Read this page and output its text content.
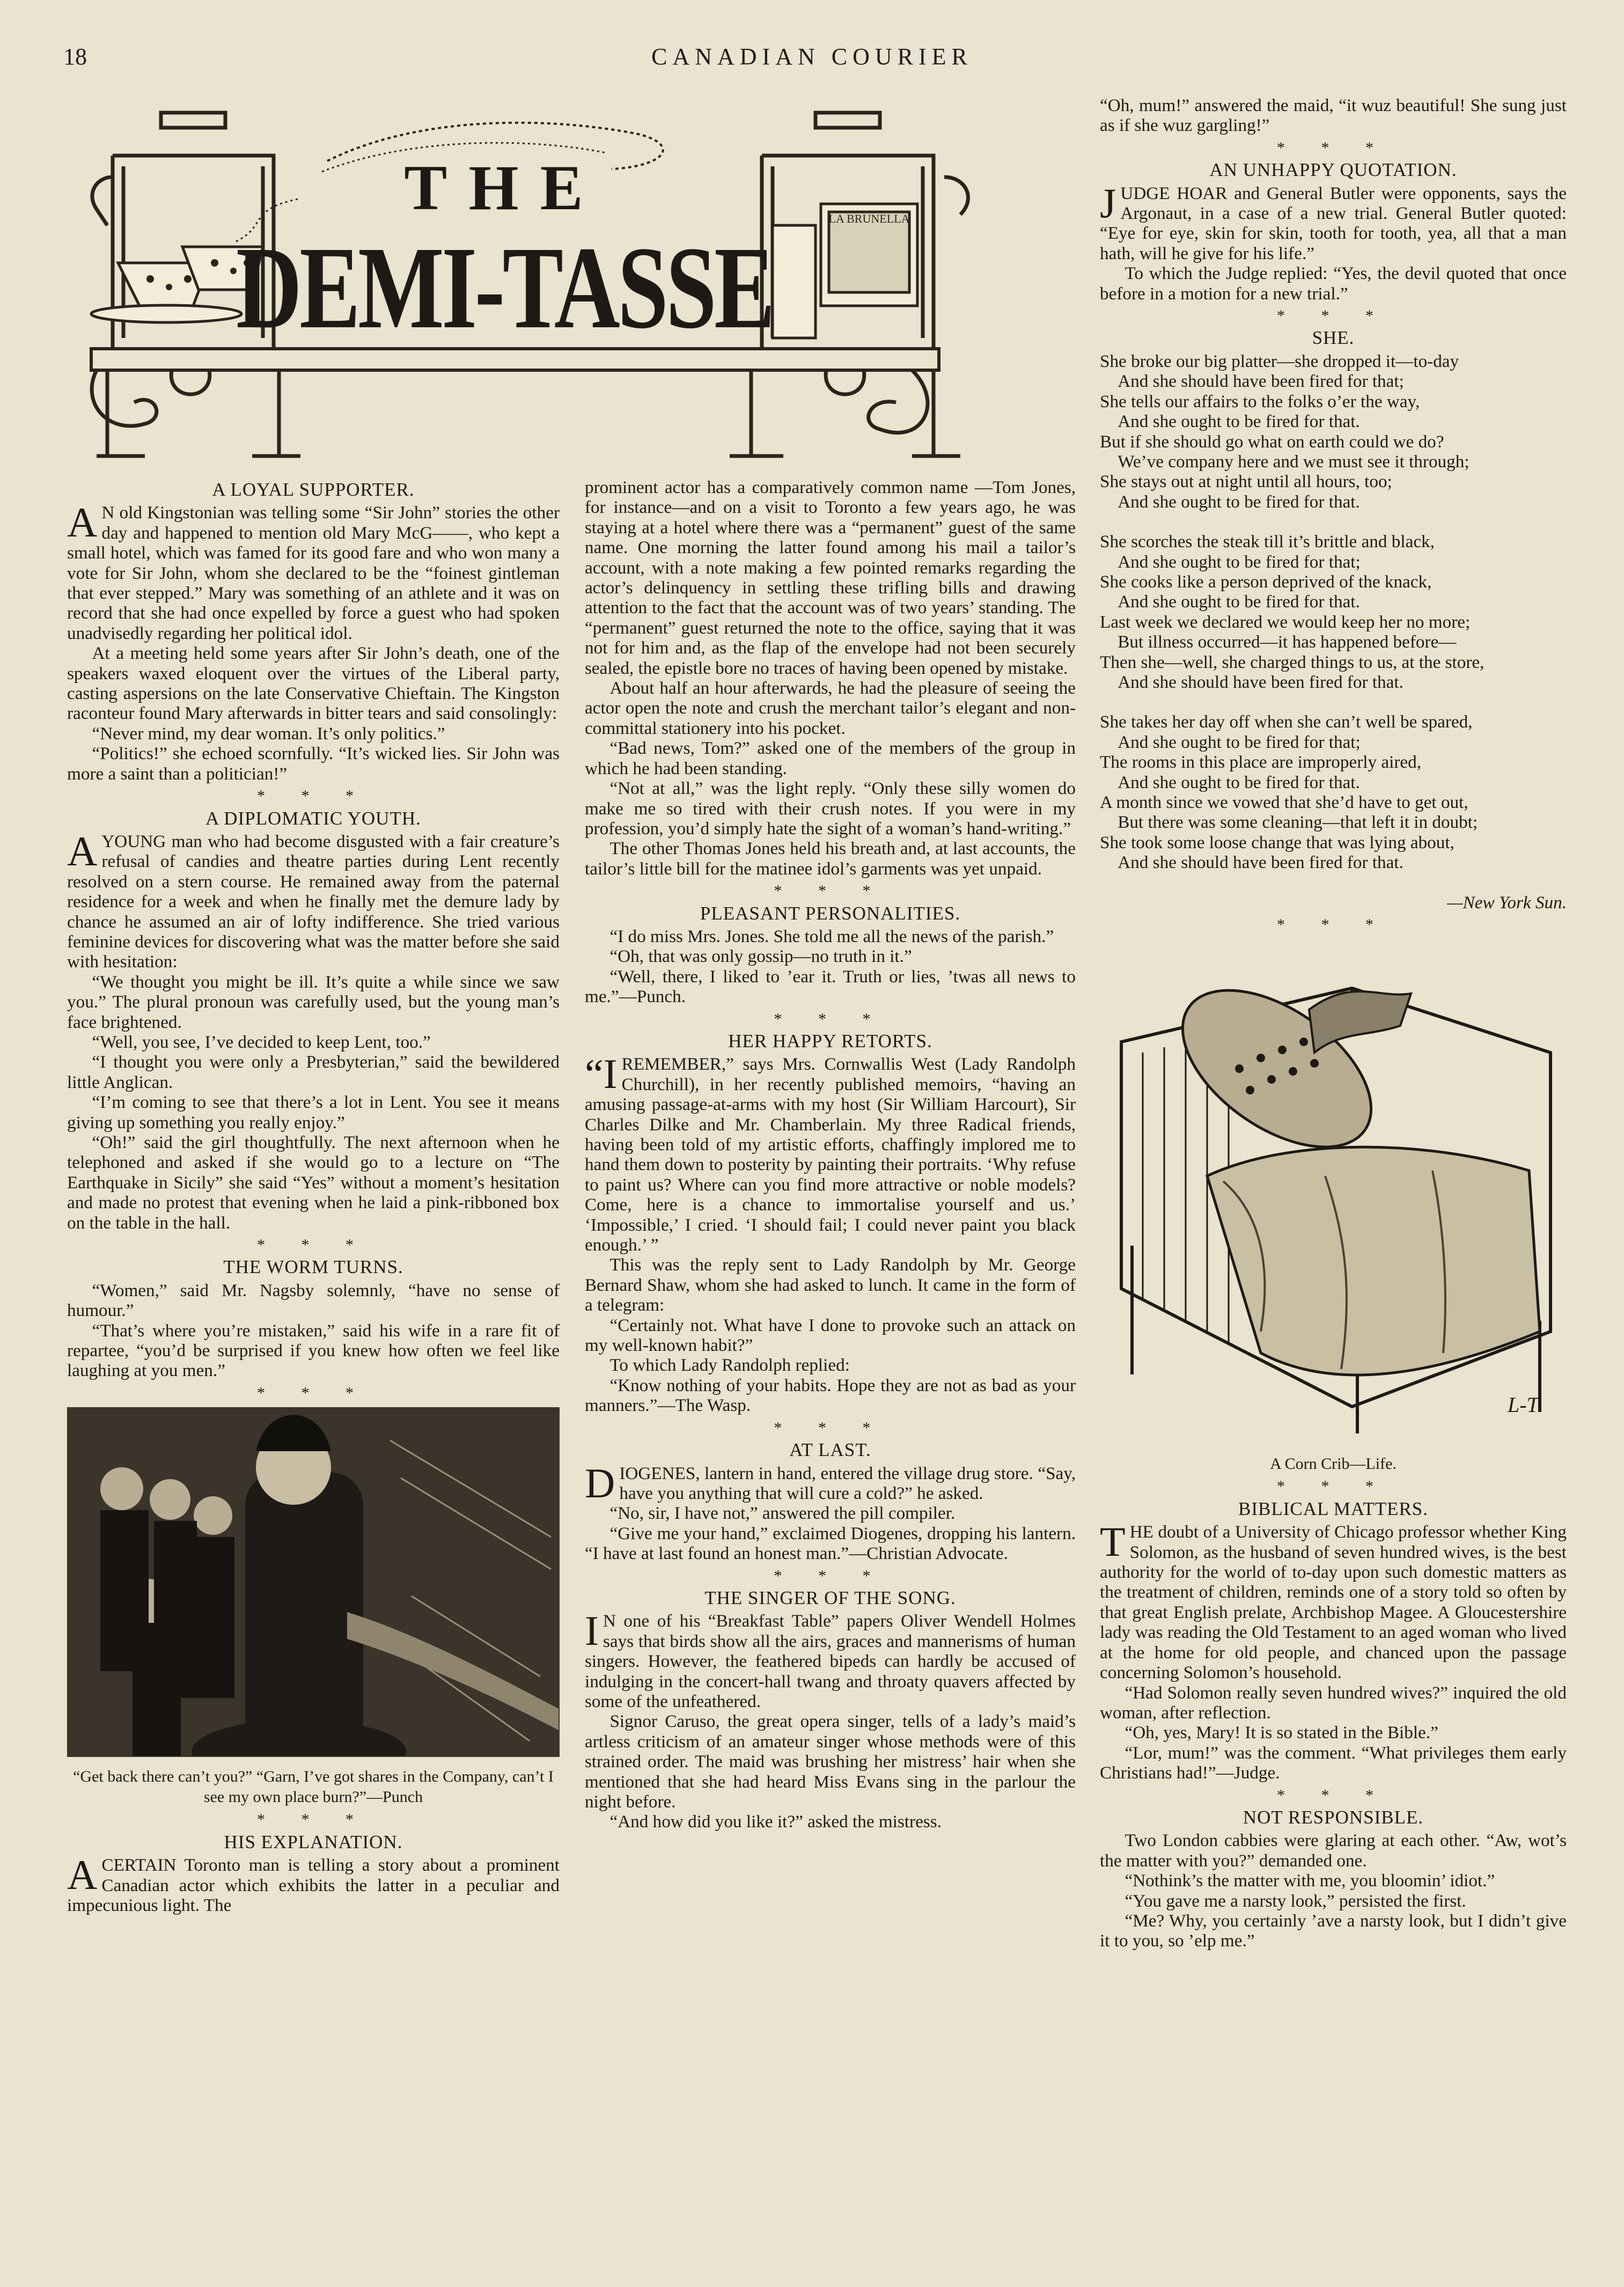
18	CANADIAN COURIER
LA BRUNELLA
THE
DEMI-TASSE
A LOYAL SUPPORTER.

A N old Kingstonian was telling some “Sir John” stories the other day and happened to mention old Mary McG——, who kept a small hotel, which was famed for its good fare and who won many a vote for Sir John, whom she declared to be the “foinest gintleman that ever stepped.” Mary was something of an athlete and it was on record that she had once expelled by force a guest who had spoken unadvisedly regarding her political idol.

At a meeting held some years after Sir John’s death, one of the speakers waxed eloquent over the virtues of the Liberal party, casting aspersions on the late Conservative Chieftain. The Kingston raconteur found Mary afterwards in bitter tears and said consolingly:

“Never mind, my dear woman. It’s only politics.”

“Politics!” she echoed scornfully. “It’s wicked lies. Sir John was more a saint than a politician!”

* * *
A DIPLOMATIC YOUTH.

AYOUNG man who had become disgusted with a fair creature’s refusal of candies and theatre parties during Lent recently resolved on a stern course. He remained away from the paternal residence for a week and when he finally met the demure lady by chance he assumed an air of lofty indifference. She tried various feminine devices for discovering what was the matter before she said with hesitation:

“We thought you might be ill. It’s quite a while since we saw you.” The plural pronoun was carefully used, but the young man’s face brightened.

“Well, you see, I’ve decided to keep Lent, too.”

“I thought you were only a Presbyterian,” said the bewildered little Anglican.

“I’m coming to see that there’s a lot in Lent. You see it means giving up something you really enjoy.”

“Oh!” said the girl thoughtfully. The next afternoon when he telephoned and asked if she would go to a lecture on “The Earthquake in Sicily” she said “Yes” without a moment’s hesitation and made no protest that evening when he laid a pink-ribboned box on the table in the hall.

* * *
THE WORM TURNS.

“Women,” said Mr. Nagsby solemnly, “have no sense of humour.”

“That’s where you’re mistaken,” said his wife in a rare fit of repartee, “you’d be surprised if you knew how often we feel like laughing at you men.”

* * *
“Get back there can’t you?” “Garn, I’ve got shares in the Company, can’t I see my own place burn?”—Punch
* * *
HIS EXPLANATION.

ACERTAIN Toronto man is telling a story about a prominent Canadian actor which exhibits the latter in a peculiar and impecunious light. The

prominent actor has a comparatively common name —Tom Jones, for instance—and on a visit to Toronto a few years ago, he was staying at a hotel where there was a “permanent” guest of the same name. One morning the latter found among his mail a tailor’s account, with a note making a few pointed remarks regarding the actor’s delinquency in settling these trifling bills and drawing attention to the fact that the account was of two years’ standing. The “permanent” guest returned the note to the office, saying that it was not for him and, as the flap of the envelope had not been securely sealed, the epistle bore no traces of having been opened by mistake.

About half an hour afterwards, he had the pleasure of seeing the actor open the note and crush the merchant tailor’s elegant and non-committal stationery into his pocket.

“Bad news, Tom?” asked one of the members of the group in which he had been standing.

“Not at all,” was the light reply. “Only these silly women do make me so tired with their crush notes. If you were in my profession, you’d simply hate the sight of a woman’s hand-writing.”

The other Thomas Jones held his breath and, at last accounts, the tailor’s little bill for the matinee idol’s garments was yet unpaid.

* * *
PLEASANT PERSONALITIES.

“I do miss Mrs. Jones. She told me all the news of the parish.”

“Oh, that was only gossip—no truth in it.”

“Well, there, I liked to ’ear it. Truth or lies, ’twas all news to me.”—Punch.

* * *
HER HAPPY RETORTS.

“IREMEMBER,” says Mrs. Cornwallis West (Lady Randolph Churchill), in her recently published memoirs, “having an amusing passage-at-arms with my host (Sir William Harcourt), Sir Charles Dilke and Mr. Chamberlain. My three Radical friends, having been told of my artistic efforts, chaffingly implored me to hand them down to posterity by painting their portraits. ‘Why refuse to paint us? Where can you find more attractive or noble models? Come, here is a chance to immortalise yourself and us.’ ‘Impossible,’ I cried. ‘I should fail; I could never paint you black enough.’ ”

This was the reply sent to Lady Randolph by Mr. George Bernard Shaw, whom she had asked to lunch. It came in the form of a telegram:

“Certainly not. What have I done to provoke such an attack on my well-known habit?”

To which Lady Randolph replied:

“Know nothing of your habits. Hope they are not as bad as your manners.”—The Wasp.

* * *
AT LAST.

DIOGENES, lantern in hand, entered the village drug store. “Say, have you anything that will cure a cold?” he asked.

“No, sir, I have not,” answered the pill compiler.

“Give me your hand,” exclaimed Diogenes, dropping his lantern. “I have at last found an honest man.”—Christian Advocate.

* * *
THE SINGER OF THE SONG.

I N one of his “Breakfast Table” papers Oliver Wendell Holmes says that birds show all the airs, graces and mannerisms of human singers. However, the feathered bipeds can hardly be accused of indulging in the concert-hall twang and throaty quavers affected by some of the unfeathered.

Signor Caruso, the great opera singer, tells of a lady’s maid’s artless criticism of an amateur singer whose methods were of this strained order. The maid was brushing her mistress’ hair when she mentioned that she had heard Miss Evans sing in the parlour the night before.

“And how did you like it?” asked the mistress.

“Oh, mum!” answered the maid, “it wuz beautiful! She sung just as if she wuz gargling!”

* * *
AN UNHAPPY QUOTATION.

JUDGE HOAR and General Butler were opponents, says the Argonaut, in a case of a new trial. General Butler quoted: “Eye for eye, skin for skin, tooth for tooth, yea, all that a man hath, will he give for his life.”

To which the Judge replied: “Yes, the devil quoted that once before in a motion for a new trial.”

* * *
SHE.

She broke our big platter—she dropped it—to-day

And she should have been fired for that;

She tells our affairs to the folks o’er the way,

And she ought to be fired for that.

But if she should go what on earth could we do?

We’ve company here and we must see it through;

She stays out at night until all hours, too;

And she ought to be fired for that.

She scorches the steak till it’s brittle and black,

And she ought to be fired for that;

She cooks like a person deprived of the knack,

And she ought to be fired for that.

Last week we declared we would keep her no more;

But illness occurred—it has happened before—

Then she—well, she charged things to us, at the store,

And she should have been fired for that.

She takes her day off when she can’t well be spared,

And she ought to be fired for that;

The rooms in this place are improperly aired,

And she ought to be fired for that.

A month since we vowed that she’d have to get out,

But there was some cleaning—that left it in doubt;

She took some loose change that was lying about,

And she should have been fired for that.

—New York Sun.
* * *
L-T
A Corn Crib—Life.
* * *
BIBLICAL MATTERS.

THE doubt of a University of Chicago professor whether King Solomon, as the husband of seven hundred wives, is the best authority for the world of to-day upon such domestic matters as the treatment of children, reminds one of a story told so often by that great English prelate, Archbishop Magee. A Gloucestershire lady was reading the Old Testament to an aged woman who lived at the home for old people, and chanced upon the passage concerning Solomon’s household.

“Had Solomon really seven hundred wives?” inquired the old woman, after reflection.

“Oh, yes, Mary! It is so stated in the Bible.”

“Lor, mum!” was the comment. “What privileges them early Christians had!”—Judge.

* * *
NOT RESPONSIBLE.

Two London cabbies were glaring at each other. “Aw, wot’s the matter with you?” demanded one.

“Nothink’s the matter with me, you bloomin’ idiot.”

“You gave me a narsty look,” persisted the first.

“Me? Why, you certainly ’ave a narsty look, but I didn’t give it to you, so ’elp me.”
